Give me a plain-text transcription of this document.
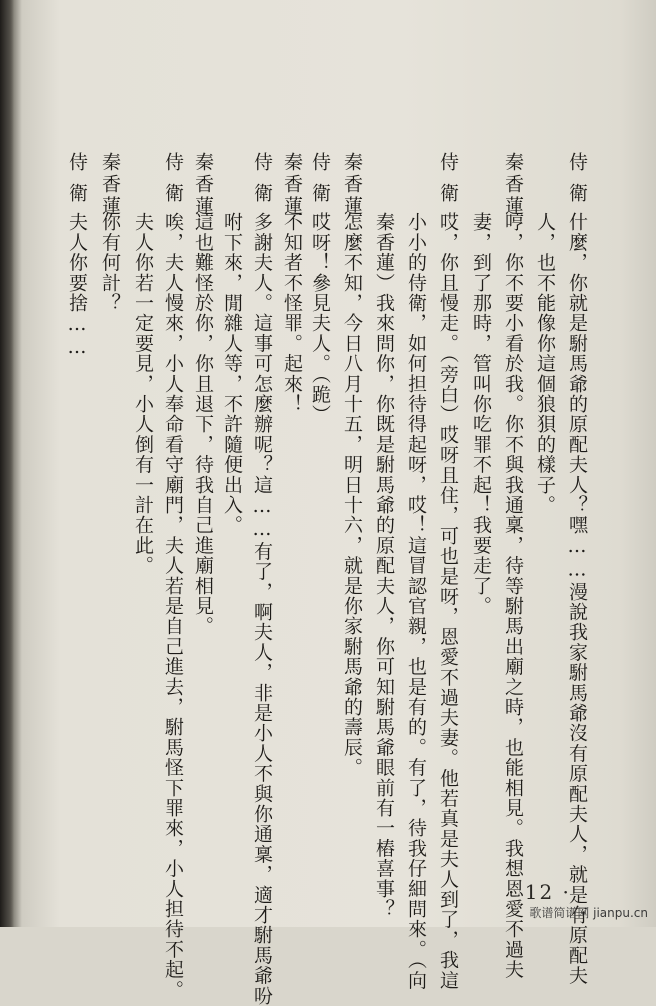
侍衛
什麼，你就是駙馬爺的原配夫人？嘿……漫說我家駙馬爺沒有原配夫人，就是有原配夫
人，也不能像你這個狼狽的樣子。
秦香蓮
哼，你不要小看於我。你不與我通稟，待等駙馬出廟之時，也能相見。我想恩愛不過夫
妻，到了那時，管叫你吃罪不起！我要走了。
侍衛
哎，你且慢走。（旁白）哎呀且住，可也是呀，恩愛不過夫妻。他若真是夫人到了，我這
小小的侍衛，如何担待得起呀，哎！這冒認官親，也是有的。有了，待我仔細問來。（向
秦香蓮）我來問你，你既是駙馬爺的原配夫人，你可知駙馬爺眼前有一樁喜事？
秦香蓮
怎麼不知，今日八月十五，明日十六，就是你家駙馬爺的壽辰。
侍衛
哎呀！參見夫人。（跪）
秦香蓮
不知者不怪罪。起來！
侍衛
多謝夫人。這事可怎麼辦呢？這……有了，啊夫人，非是小人不與你通稟，適才駙馬爺吩
咐下來，閒雜人等，不許隨便出入。
秦香蓮
這也難怪於你，你且退下，待我自己進廟相見。
侍衛
唉，夫人慢來，小人奉命看守廟門，夫人若是自己進去，駙馬怪下罪來，小人担待不起。
夫人你若一定要見，小人倒有一計在此。
秦香蓮
你有何計？
侍衛
夫人你要捨……
· 12 ·
歌谱简谱网 jianpu.cn
